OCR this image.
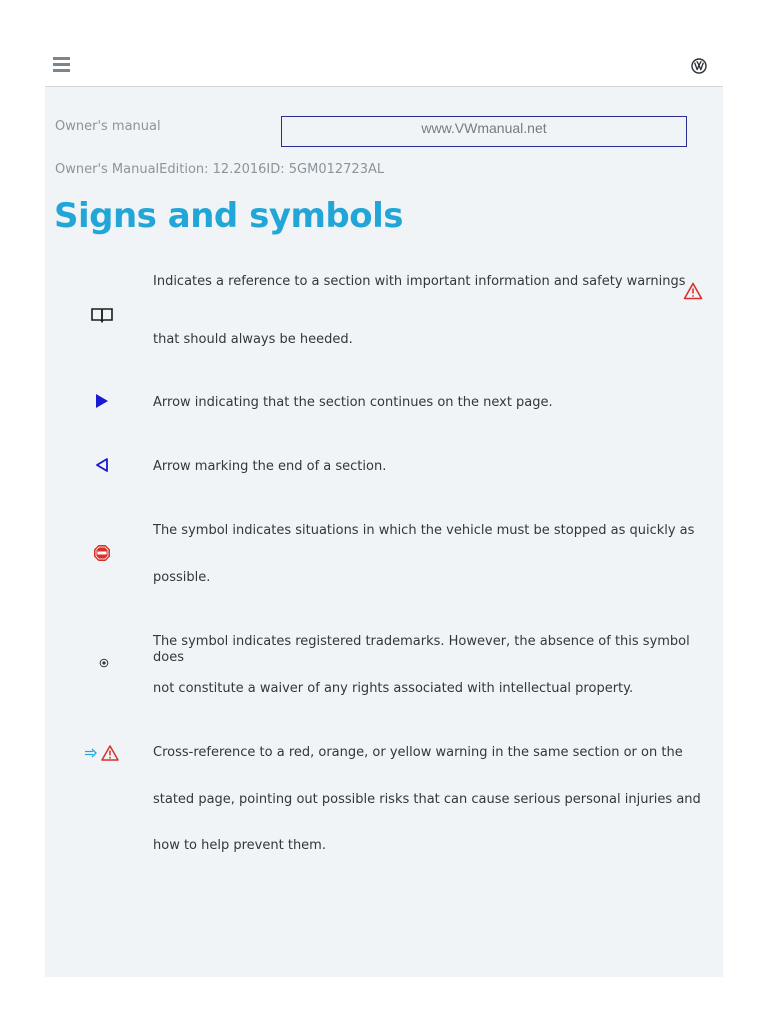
Owner's manual	www.VWmanual.net
Owner's ManualEdition: 12.2016ID: 5GM012723AL
Signs and symbols
Indicates a reference to a section with important information and safety warnings
that should always be heeded.
Arrow indicating that the section continues on the next page.
Arrow marking the end of a section.
The symbol indicates situations in which the vehicle must be stopped as quickly as
possible.
The symbol indicates registered trademarks. However, the absence of this symbol does
not constitute a waiver of any rights associated with intellectual property.
Cross-reference to a red, orange, or yellow warning in the same section or on the
stated page, pointing out possible risks that can cause serious personal injuries and
how to help prevent them.
